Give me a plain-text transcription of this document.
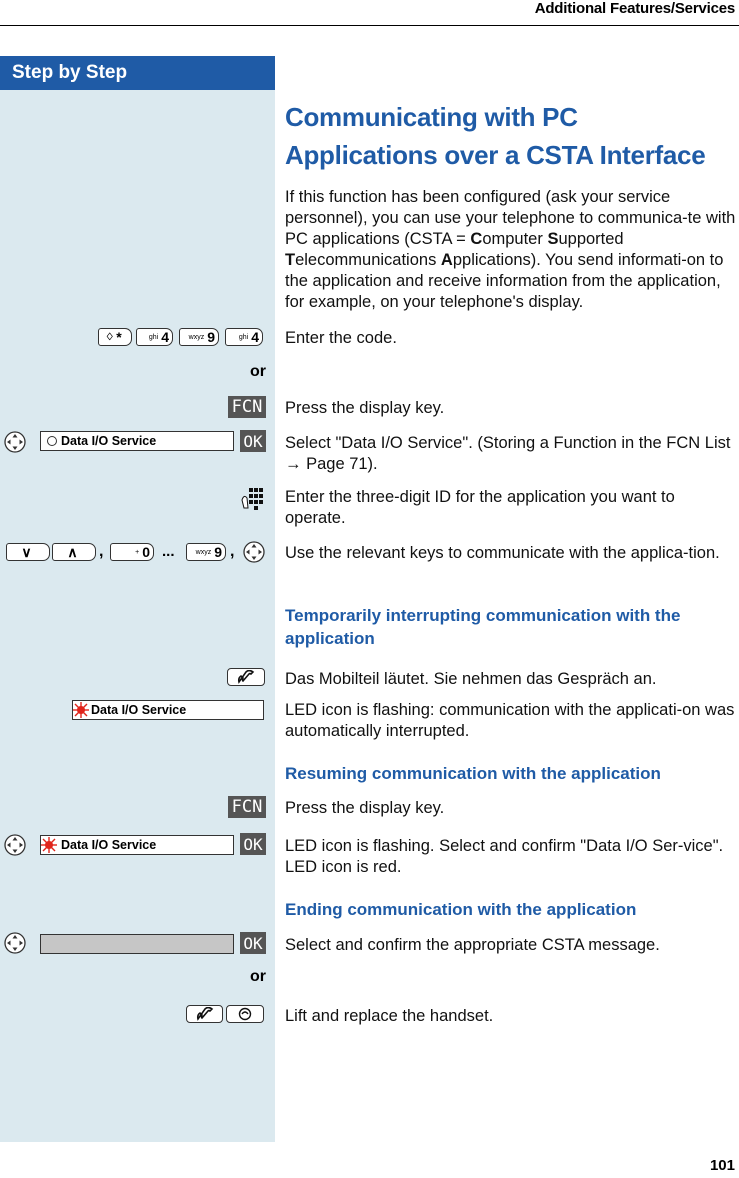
Additional Features/Services
Step by Step
Communicating with PC Applications over a CSTA Interface
If this function has been configured (ask your service personnel), you can use your telephone to communica-te with PC applications (CSTA = Computer Supported Telecommunications Applications). You send informati-on to the application and receive information from the application, for example, on your telephone's display.
♢ *	ghi 4	wxyz 9	ghi 4 Enter the code.
or
FCN Press the display key.
Data I/O Service	OK Select "Data I/O Service". (Storing a Function in the FCN List → Page 71).
Enter the three-digit ID for the application you want to operate.
∨	∧	,	+ 0 ...	wxyz 9 ,	Use the relevant keys to communicate with the applica-tion.
Temporarily interrupting communication with the application
Das Mobilteil läutet. Sie nehmen das Gespräch an.
Data I/O Service	LED icon is flashing: communication with the applicati-on was automatically interrupted.
Resuming communication with the application
FCN Press the display key.
Data I/O Service	OK LED icon is flashing. Select and confirm "Data I/O Ser-vice". LED icon is red.
Ending communication with the application
OK Select and confirm the appropriate CSTA message.
or
Lift and replace the handset.
101
